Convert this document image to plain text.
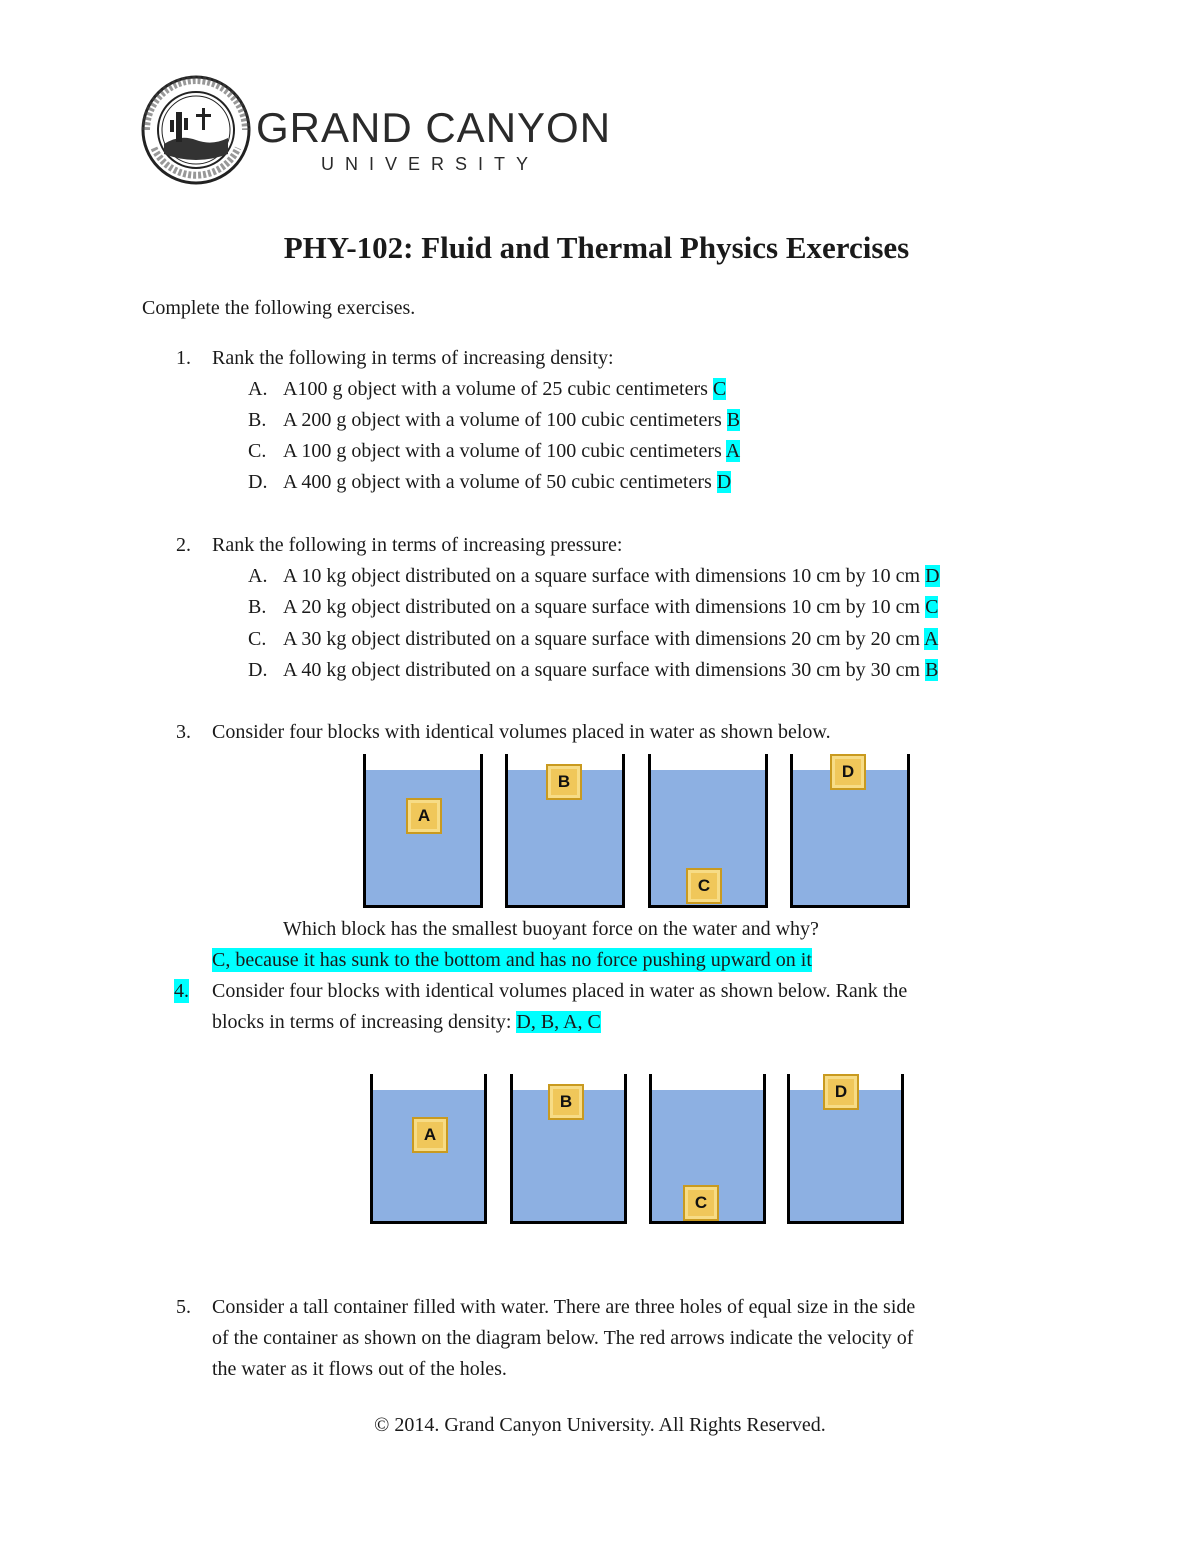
GRAND CANYON
UNIVERSITY
PHY-102: Fluid and Thermal Physics Exercises
Complete the following exercises.
1. Rank the following in terms of increasing density:
A. A100 g object with a volume of 25 cubic centimeters C
B. A 200 g object with a volume of 100 cubic centimeters B
C. A 100 g object with a volume of 100 cubic centimeters A
D. A 400 g object with a volume of 50 cubic centimeters D
2. Rank the following in terms of increasing pressure:
A. A 10 kg object distributed on a square surface with dimensions 10 cm by 10 cm D
B. A 20 kg object distributed on a square surface with dimensions 10 cm by 10 cm C
C. A 30 kg object distributed on a square surface with dimensions 20 cm by 20 cm A
D. A 40 kg object distributed on a square surface with dimensions 30 cm by 30 cm B
3. Consider four blocks with identical volumes placed in water as shown below.
A
B
C
D
Which block has the smallest buoyant force on the water and why?
C, because it has sunk to the bottom and has no force pushing upward on it
4. Consider four blocks with identical volumes placed in water as shown below. Rank the
blocks in terms of increasing density: D, B, A, C
A
B
C
D
5. Consider a tall container filled with water. There are three holes of equal size in the side
of the container as shown on the diagram below. The red arrows indicate the velocity of
the water as it flows out of the holes.
© 2014. Grand Canyon University. All Rights Reserved.
